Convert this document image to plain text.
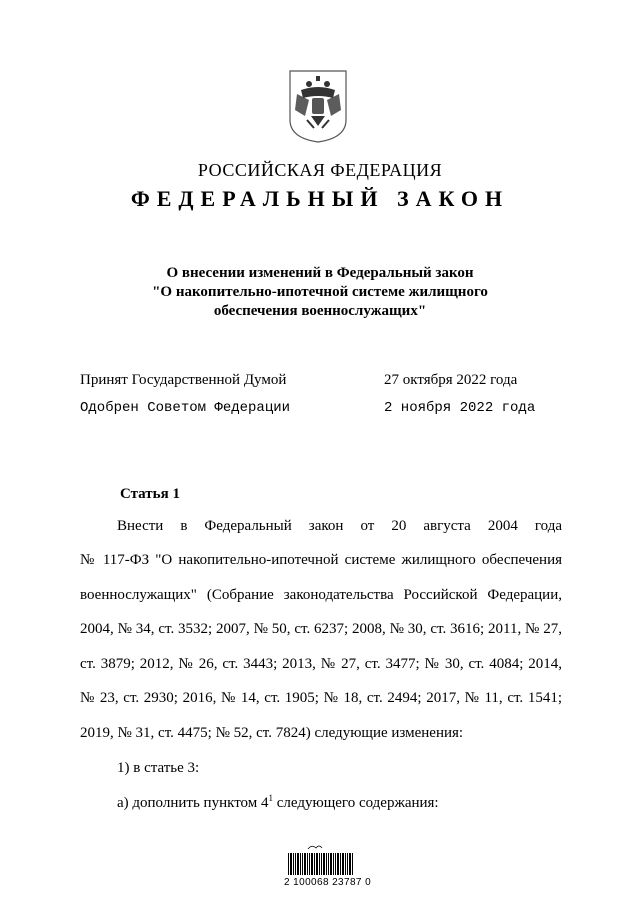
РОССИЙСКАЯ ФЕДЕРАЦИЯ
ФЕДЕРАЛЬНЫЙ ЗАКОН
О внесении изменений в Федеральный закон
"О накопительно-ипотечной системе жилищного
обеспечения военнослужащих"
Принят Государственной Думой	27 октября 2022 года
Одобрен Советом Федерации	2 ноября 2022 года
Статья 1
Внести в Федеральный закон от 20 августа 2004 года
№ 117-ФЗ "О накопительно-ипотечной системе жилищного обеспечения
военнослужащих" (Собрание законодательства Российской Федерации,
2004, № 34, ст. 3532; 2007, № 50, ст. 6237; 2008, № 30, ст. 3616; 2011, № 27,
ст. 3879; 2012, № 26, ст. 3443; 2013, № 27, ст. 3477; № 30, ст. 4084; 2014,
№ 23, ст. 2930; 2016, № 14, ст. 1905; № 18, ст. 2494; 2017, № 11, ст. 1541;
2019, № 31, ст. 4475; № 52, ст. 7824) следующие изменения:
1) в статье 3:
а) дополнить пунктом $4^1$ следующего содержания:
2 100068 23787 0
